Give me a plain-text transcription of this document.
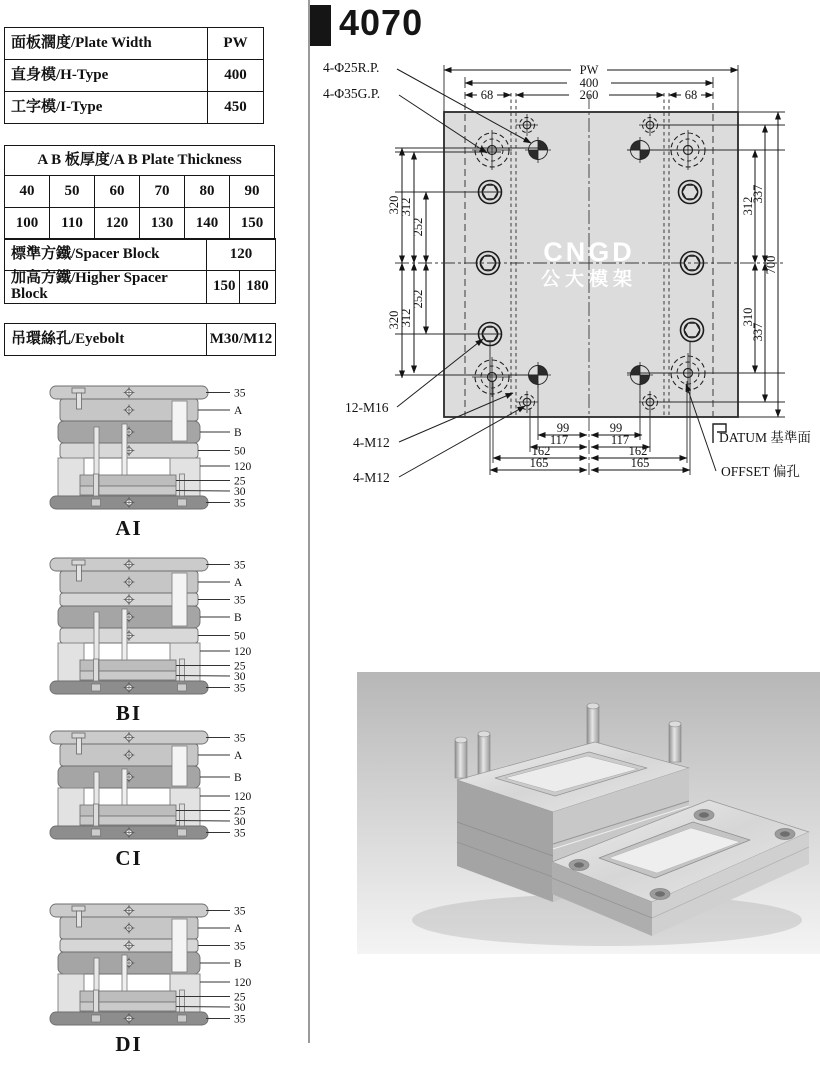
4070
面板濶度/Plate Width	PW
直身模/H-Type	400
工字模/I-Type	450
A B 板厚度/A B Plate Thickness					
40	50	60	70	80	90
100	110	120	130	140	150
標準方鐵/Spacer Block	120	
加高方鐵/Higher Spacer Block	150	180
吊環絲孔/Eyebolt	M30/M12
35
A
B
50
120
25
30
35
AI
35
A
35
B
50
120
25
30
35
BI
35
A
B
120
25
30
35
CI
35
A
35
B
120
25
30
35
DI
CNGD
公大模架
PW
400
68	260	68
320
312
252
320
312
252
312
337
310
337
700
99	99
117	117
162	162
165	165
4-Φ25R.P.
4-Φ35G.P.
12-M16
4-M12
4-M12
DATUM 基準面
OFFSET 偏孔
